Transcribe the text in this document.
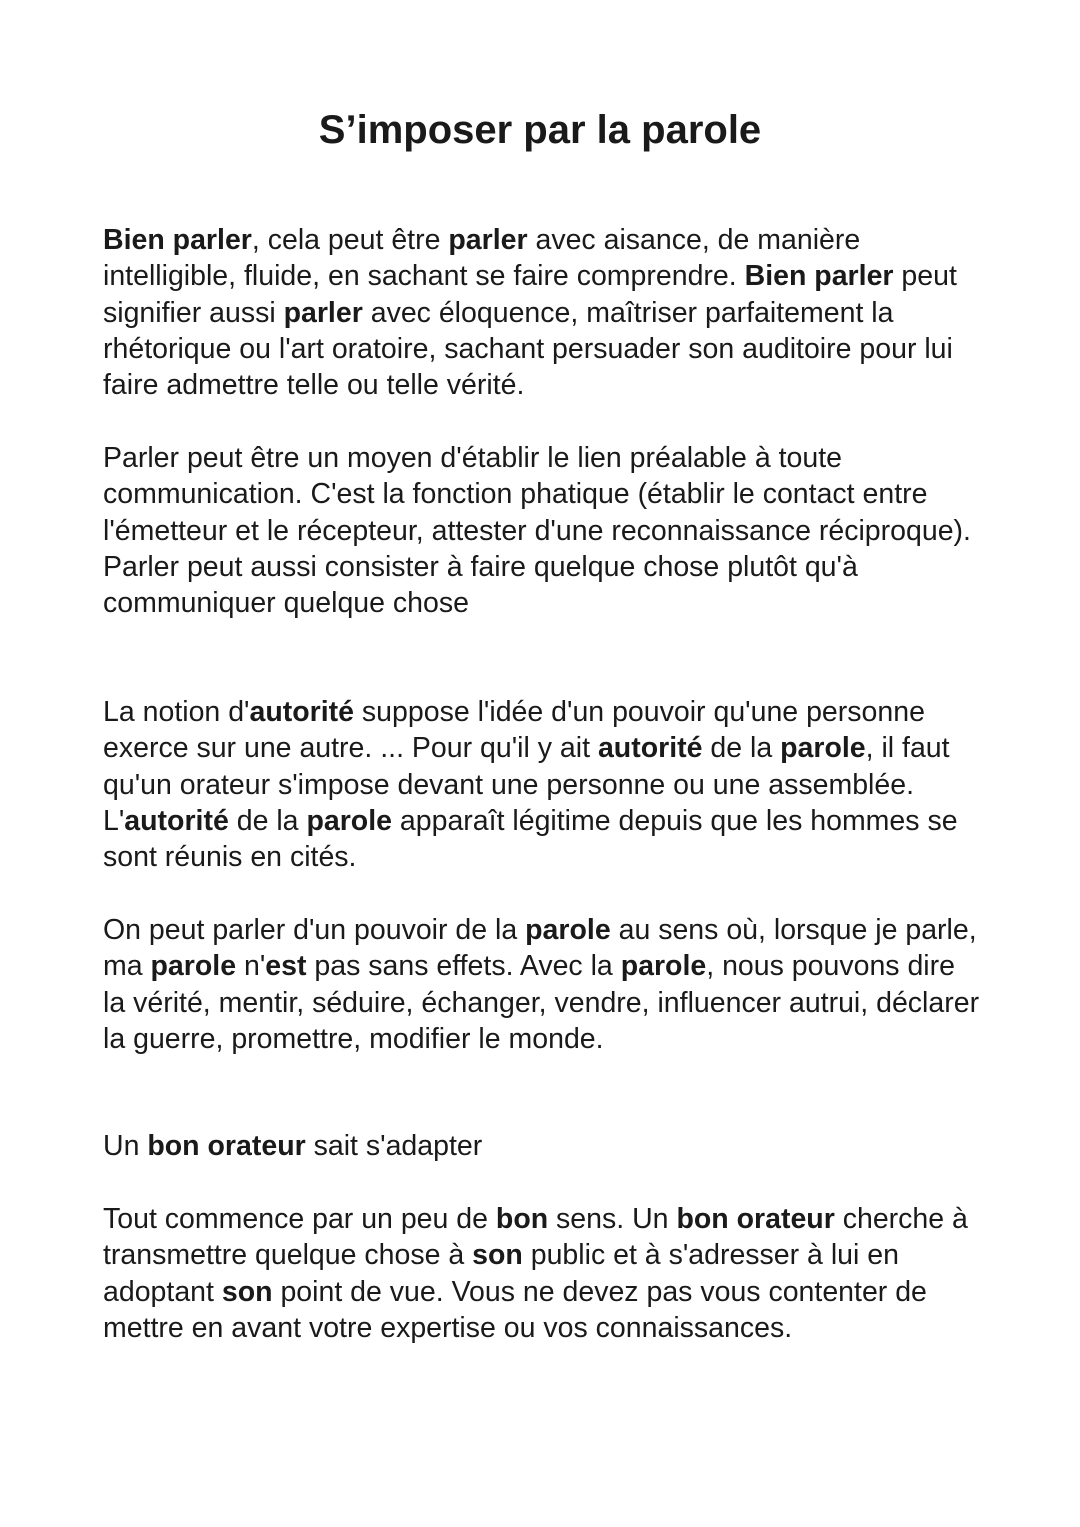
S’imposer par la parole

Bien parler, cela peut être parler avec aisance, de manière intelligible, fluide, en sachant se faire comprendre. Bien parler peut signifier aussi parler avec éloquence, maîtriser parfaitement la rhétorique ou l'art oratoire, sachant persuader son auditoire pour lui faire admettre telle ou telle vérité.

Parler peut être un moyen d'établir le lien préalable à toute communication. C'est la fonction phatique (établir le contact entre l'émetteur et le récepteur, attester d'une reconnaissance réciproque). Parler peut aussi consister à faire quelque chose plutôt qu'à communiquer quelque chose

La notion d'autorité suppose l'idée d'un pouvoir qu'une personne exerce sur une autre. ... Pour qu'il y ait autorité de la parole, il faut qu'un orateur s'impose devant une personne ou une assemblée. L'autorité de la parole apparaît légitime depuis que les hommes se sont réunis en cités.

On peut parler d'un pouvoir de la parole au sens où, lorsque je parle, ma parole n'est pas sans effets. Avec la parole, nous pouvons dire la vérité, mentir, séduire, échanger, vendre, influencer autrui, déclarer la guerre, promettre, modifier le monde.

Un bon orateur sait s'adapter

Tout commence par un peu de bon sens. Un bon orateur cherche à transmettre quelque chose à son public et à s'adresser à lui en adoptant son point de vue. Vous ne devez pas vous contenter de mettre en avant votre expertise ou vos connaissances.
